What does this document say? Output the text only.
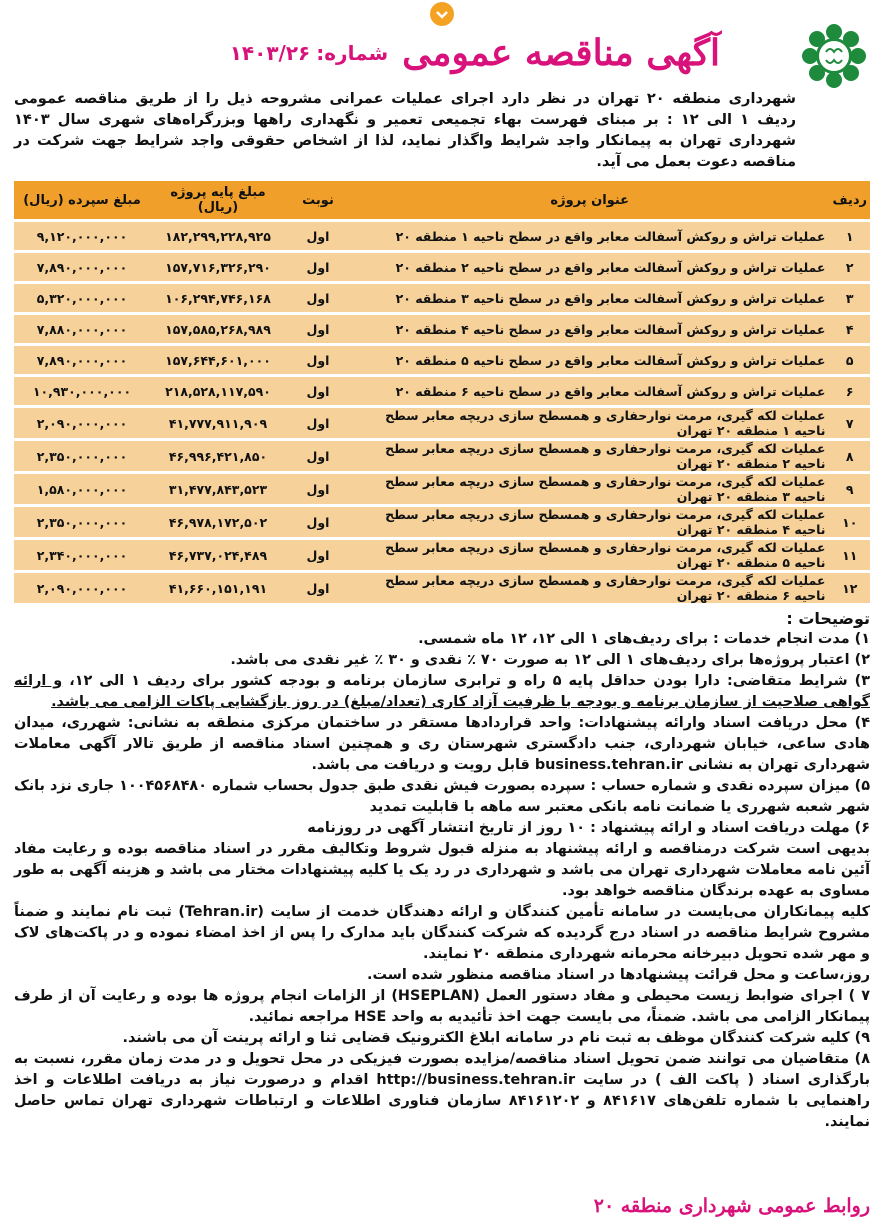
آگهی مناقصه عمومی
شماره:
۱۴۰۳/۲۶
شهرداری منطقه ۲۰ تهران در نظر دارد اجرای عملیات عمرانی مشروحه ذیل را از طریق مناقصه عمومی ردیف ۱ الی ۱۲ : بر مبنای فهرست بهاء تجمیعی تعمیر و نگهداری راهها وبزرگراه‌های شهری سال ۱۴۰۳ شهرداری تهران به پیمانکار واجد شرایط واگذار نماید، لذا از اشخاص حقوقی واجد شرایط جهت شرکت در مناقصه دعوت بعمل می آید.
ردیف	عنوان پروژه	نوبت	مبلغ پایه پروژه (ریال)	مبلغ سپرده (ریال)
۱	عملیات تراش و روکش آسفالت معابر واقع در سطح ناحیه ۱ منطقه ۲۰	اول	۱۸۲,۲۹۹,۲۲۸,۹۲۵	۹,۱۲۰,۰۰۰,۰۰۰
۲	عملیات تراش و روکش آسفالت معابر واقع در سطح ناحیه ۲ منطقه ۲۰	اول	۱۵۷,۷۱۶,۳۲۶,۲۹۰	۷,۸۹۰,۰۰۰,۰۰۰
۳	عملیات تراش و روکش آسفالت معابر واقع در سطح ناحیه ۳ منطقه ۲۰	اول	۱۰۶,۲۹۴,۷۴۶,۱۶۸	۵,۳۲۰,۰۰۰,۰۰۰
۴	عملیات تراش و روکش آسفالت معابر واقع در سطح ناحیه ۴ منطقه ۲۰	اول	۱۵۷,۵۸۵,۲۶۸,۹۸۹	۷,۸۸۰,۰۰۰,۰۰۰
۵	عملیات تراش و روکش آسفالت معابر واقع در سطح ناحیه ۵ منطقه ۲۰	اول	۱۵۷,۶۴۴,۶۰۱,۰۰۰	۷,۸۹۰,۰۰۰,۰۰۰
۶	عملیات تراش و روکش آسفالت معابر واقع در سطح ناحیه ۶ منطقه ۲۰	اول	۲۱۸,۵۲۸,۱۱۷,۵۹۰	۱۰,۹۳۰,۰۰۰,۰۰۰
۷	عملیات لکه گیری، مرمت نوارحفاری و همسطح سازی دریچه معابر سطح ناحیه ۱ منطقه ۲۰ تهران	اول	۴۱,۷۷۷,۹۱۱,۹۰۹	۲,۰۹۰,۰۰۰,۰۰۰
۸	عملیات لکه گیری، مرمت نوارحفاری و همسطح سازی دریچه معابر سطح ناحیه ۲ منطقه ۲۰ تهران	اول	۴۶,۹۹۶,۴۲۱,۸۵۰	۲,۳۵۰,۰۰۰,۰۰۰
۹	عملیات لکه گیری، مرمت نوارحفاری و همسطح سازی دریچه معابر سطح ناحیه ۳ منطقه ۲۰ تهران	اول	۳۱,۴۷۷,۸۴۳,۵۲۳	۱,۵۸۰,۰۰۰,۰۰۰
۱۰	عملیات لکه گیری، مرمت نوارحفاری و همسطح سازی دریچه معابر سطح ناحیه ۴ منطقه ۲۰ تهران	اول	۴۶,۹۷۸,۱۷۲,۵۰۲	۲,۳۵۰,۰۰۰,۰۰۰
۱۱	عملیات لکه گیری، مرمت نوارحفاری و همسطح سازی دریچه معابر سطح ناحیه ۵ منطقه ۲۰ تهران	اول	۴۶,۷۳۷,۰۲۴,۴۸۹	۲,۳۴۰,۰۰۰,۰۰۰
۱۲	عملیات لکه گیری، مرمت نوارحفاری و همسطح سازی دریچه معابر سطح ناحیه ۶ منطقه ۲۰ تهران	اول	۴۱,۶۶۰,۱۵۱,۱۹۱	۲,۰۹۰,۰۰۰,۰۰۰

توضیحات :

۱) مدت انجام خدمات : برای ردیف‌های ۱ الی ۱۲، ۱۲ ماه شمسی.

۲) اعتبار پروژه‌ها برای ردیف‌های ۱ الی ۱۲ به صورت ۷۰ ٪ نقدی و ۳۰ ٪ غیر نقدی می باشد.

۳) شرایط متقاضی: دارا بودن حداقل پایه ۵ راه و ترابری سازمان برنامه و بودجه کشور برای ردیف ۱ الی ۱۲، و ارائه گواهی صلاحیت از سازمان برنامه و بودجه با ظرفیت آزاد کاری (تعداد/مبلغ) در روز بازگشایی پاکات الزامی می باشد.

۴) محل دریافت اسناد وارائه پیشنهادات: واحد قراردادها مستقر در ساختمان مرکزی منطقه به نشانی: شهرری، میدان هادی ساعی، خیابان شهرداری، جنب دادگستری شهرستان ری و همچنین اسناد مناقصه از طریق تالار آگهی معاملات شهرداری تهران به نشانی business.tehran.ir قابل رویت و دریافت می باشد.

۵) میزان سپرده نقدی و شماره حساب : سپرده بصورت فیش نقدی طبق جدول بحساب شماره ۱۰۰۴۵۶۸۴۸۰ جاری نزد بانک شهر شعبه شهرری یا ضمانت نامه بانکی معتبر سه ماهه با قابلیت تمدید

۶) مهلت دریافت اسناد و ارائه پیشنهاد : ۱۰ روز از تاریخ انتشار آگهی در روزنامه

بدیهی است شرکت درمناقصه و ارائه پیشنهاد به منزله قبول شروط وتکالیف مقرر در اسناد مناقصه بوده و رعایت مفاد آئین نامه معاملات شهرداری تهران می باشد و شهرداری در رد یک یا کلیه پیشنهادات مختار می باشد و هزینه آگهی به طور مساوی به عهده برندگان مناقصه خواهد بود.

کلیه پیمانکاران می‌بایست در سامانه تأمین کنندگان و ارائه دهندگان خدمت از سایت (Tehran.ir) ثبت نام نمایند و ضمناً مشروح شرایط مناقصه در اسناد درج گردیده که شرکت کنندگان باید مدارک را پس از اخذ امضاء نموده و در پاکت‌های لاک و مهر شده تحویل دبیرخانه محرمانه شهرداری منطقه ۲۰ نمایند.

روز،ساعت و محل قرائت پیشنهادها در اسناد مناقصه منظور شده است.

۷ ) اجرای ضوابط زیست محیطی و مفاد دستور العمل (HSEPLAN) از الزامات انجام پروژه ها بوده و رعایت آن از طرف پیمانکار الزامی می باشد. ضمناً، می بایست جهت اخذ تأئیدیه به واحد HSE مراجعه نمائید.

۹) کلیه شرکت کنندگان موظف به ثبت نام در سامانه ابلاغ الکترونیک قضایی ثنا و ارائه پرینت آن می باشند.

۸) متقاضیان می توانند ضمن تحویل اسناد مناقصه/مزایده بصورت فیزیکی در محل تحویل و در مدت زمان مقرر، نسبت به بارگذاری اسناد ( پاکت الف ) در سایت http://business.tehran.ir اقدام و درصورت نیاز به دریافت اطلاعات و اخذ راهنمایی با شماره تلفن‌های ۸۴۱۶۱۷ و ۸۴۱۶۱۲۰۲ سازمان فناوری اطلاعات و ارتباطات شهرداری تهران تماس حاصل نمایند.

روابط عمومی شهرداری منطقه ۲۰
